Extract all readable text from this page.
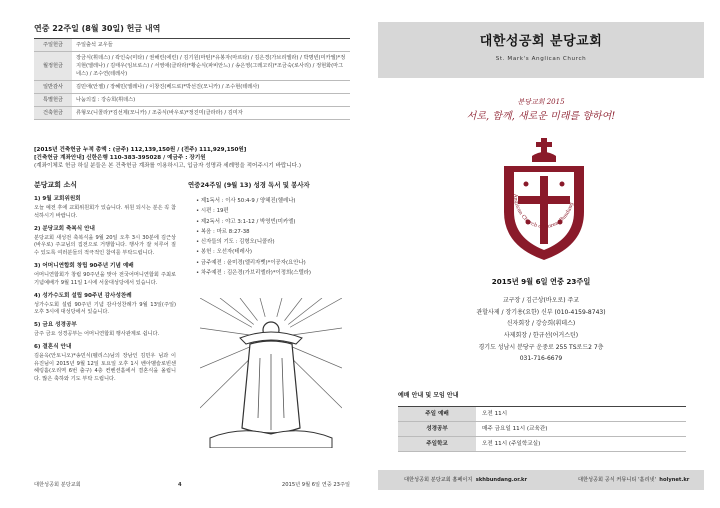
연중 22주일 (8월 30일) 헌금 내역
주일헌금	주일출석 교우들
월정헌금	장금식(휘데스) / 곽인숙(미타) / 권해린(에린) / 김기원(마틴)*유봉자(마르타) / 김은경(가브리엘라) / 박명빈(미카엘)*정지현(엘레나) / 김태우(임브로스) / 서영애(클라라)*황순식(파비안느) / 송은영(그레고리)*조금숙(로사리) / 정현화(마그네스) / 조수연(테레사)
일반감사	김민애(안젤) / 장혜민(엘레나) / 이창진(베드로)*박선진(모니카) / 조수현(테레사)
특별헌금	나눔의집 : 강승희(휘데스)
건축헌금	류형오(니콜라)*김선제(모니카) / 조중식(바우로)*정진미(클라라) / 김미자
[2015년 건축헌금 누적 총액 : (금주) 112,139,150원 / (전주) 111,929,150원]
[건축헌금 계좌안내] 신한은행 110-383-395028 / 예금주 : 장기원
(계좌이체로 헌금 하실 분들은 본 건축헌금 계좌를 이용하시고, 입금자 성명과 세례명을 적어주시기 바랍니다.)
분당교회 소식
1) 9월 교회위원회
오늘 예전 후에 교회위원회가 있습니다. 위원 되시는 분은 꼭 참석하시기 바랍니다.
2) 분당교회 축복식 안내
분당교회 새성전 축복식을 9월 20일 오후 3시 30분에 김근상(바우로) 주교님의 집전으로 거행합니다. 행사가 잘 치루어 질 수 있도록 여러분들의 적극적인 참여를 부탁드립니다.
3) 어머니연합회 창립 90주년 기념 예배
어머니연합회가 창립 90주년을 맞아 전국어머니연합회 주최로 기념예배가 9월 11일 1시에 서울대성당에서 있습니다.
4) 성가수도회 설립 90주년 감사성찬례
성가수도회 설립 90주년 기념 감사성찬례가 9월 13일(주일) 오후 3시에 대성당에서 있습니다.
5) 금요 성경공부
금주 금요 성경공부는 어머니연합회 행사관계로 쉽니다.
6) 결혼식 안내
김윤옥(안토니오)*송민식(펠리스)님의 장남인 김민우 님과 이유진님이 2015년 9월 12일 토요일 오후 1시 벤아벨슬로빈센헤링홀(오리역 6번 출구) 4층 컨벤션홀에서 결혼식을 올립니다. 많은 축하와 기도 부탁 드립니다.
연중24주일 (9월 13) 성경 독서 및 봉사자
• 제1독서 : 이사 50:4-9 / 양혜진(헬레나)
• 시편 : 19편
• 제2독서 : 야고 3:1-12 / 박영빈(미카엘)
• 복음 : 마르 8:27-38
• 신자들의 기도 : 김형오(니콜라)
• 봉헌 : 오선자(테레사)
• 금주예전 : 윤미경(엘리자벳)*이공자(요안나)
• 차주예전 : 김은경(가브리엘라)*이정희(스텔라)
대한성공회 분당교회	4	2015년 9월 6일 연중 23주일
대한성공회 분당교회
St. Mark's Anglican Church
분당교회 2015
서로, 함께, 새로운 미래를 향하여!
Anglican Church of Korea, Bundang
2015년 9월 6일 연중 23주일
교구장 / 김근상(바오로) 주교
관할사제 / 장기용(요한) 신부 (010-4159-8743)
신자회장 / 강승희(휘데스)
사제회장 / 한규선(어거스틴)
경기도 성남시 분당구 운중로 255 TS로드2 7층
031-716-6679
예배 안내 및 모임 안내
주일 예배	오전 11시
성경공부	매주 금요일 11시 (교육관)
주일학교	오전 11시 (주일학교실)
대한성공회 분당교회 홈페이지 skhbundang.or.kr	대한성공회 공식 커뮤니티 '홀리넷' holynet.kr
